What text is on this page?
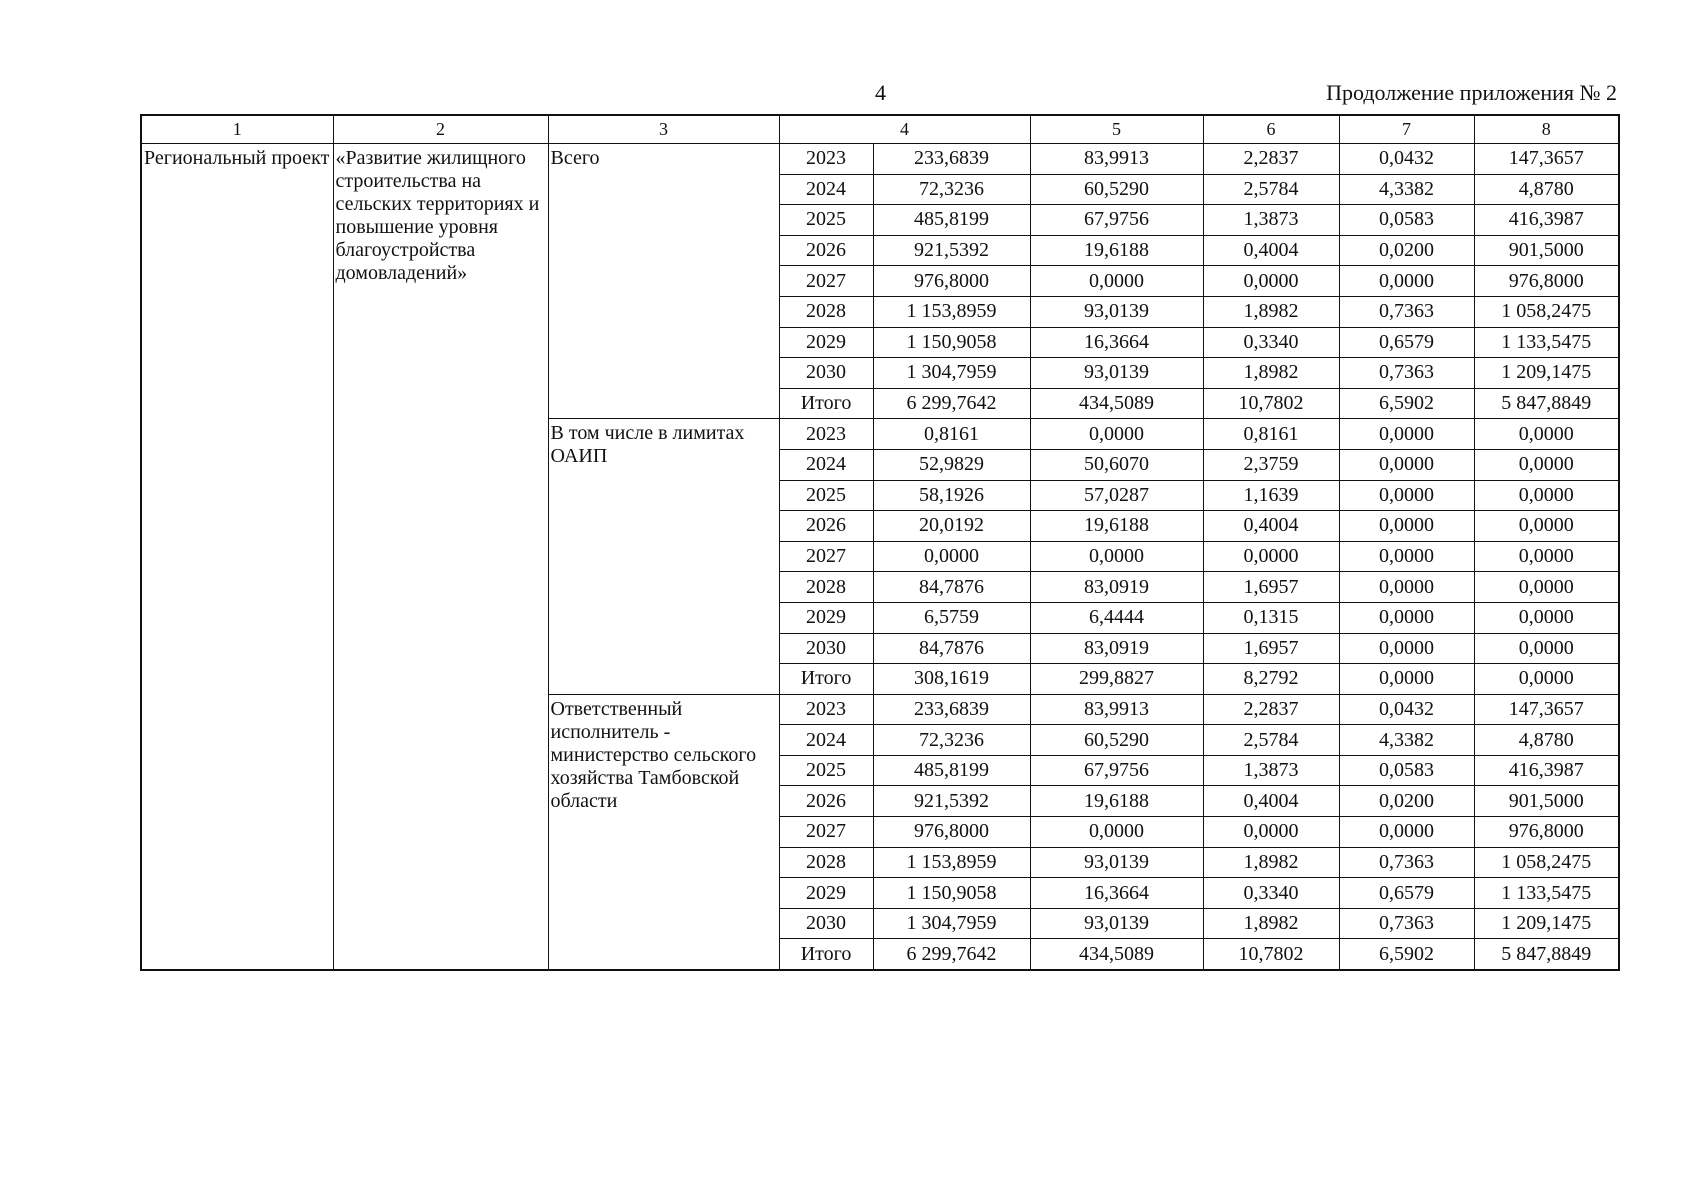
4	Продолжение приложения № 2
1	2	3	4		5	6	7	8
Региональный проект	«Развитие жилищного строительства на сельских территориях и повышение уровня благоустройства домовладений»	Всего	2023	233,6839	83,9913	2,2837	0,0432	147,3657
			2024	72,3236	60,5290	2,5784	4,3382	4,8780
			2025	485,8199	67,9756	1,3873	0,0583	416,3987
			2026	921,5392	19,6188	0,4004	0,0200	901,5000
			2027	976,8000	0,0000	0,0000	0,0000	976,8000
			2028	1 153,8959	93,0139	1,8982	0,7363	1 058,2475
			2029	1 150,9058	16,3664	0,3340	0,6579	1 133,5475
			2030	1 304,7959	93,0139	1,8982	0,7363	1 209,1475
			Итого	6 299,7642	434,5089	10,7802	6,5902	5 847,8849
		В том числе в лимитах ОАИП	2023	0,8161	0,0000	0,8161	0,0000	0,0000
			2024	52,9829	50,6070	2,3759	0,0000	0,0000
			2025	58,1926	57,0287	1,1639	0,0000	0,0000
			2026	20,0192	19,6188	0,4004	0,0000	0,0000
			2027	0,0000	0,0000	0,0000	0,0000	0,0000
			2028	84,7876	83,0919	1,6957	0,0000	0,0000
			2029	6,5759	6,4444	0,1315	0,0000	0,0000
			2030	84,7876	83,0919	1,6957	0,0000	0,0000
			Итого	308,1619	299,8827	8,2792	0,0000	0,0000
		Ответственный исполнитель - министерство сельского хозяйства Тамбовской области	2023	233,6839	83,9913	2,2837	0,0432	147,3657
			2024	72,3236	60,5290	2,5784	4,3382	4,8780
			2025	485,8199	67,9756	1,3873	0,0583	416,3987
			2026	921,5392	19,6188	0,4004	0,0200	901,5000
			2027	976,8000	0,0000	0,0000	0,0000	976,8000
			2028	1 153,8959	93,0139	1,8982	0,7363	1 058,2475
			2029	1 150,9058	16,3664	0,3340	0,6579	1 133,5475
			2030	1 304,7959	93,0139	1,8982	0,7363	1 209,1475
			Итого	6 299,7642	434,5089	10,7802	6,5902	5 847,8849
